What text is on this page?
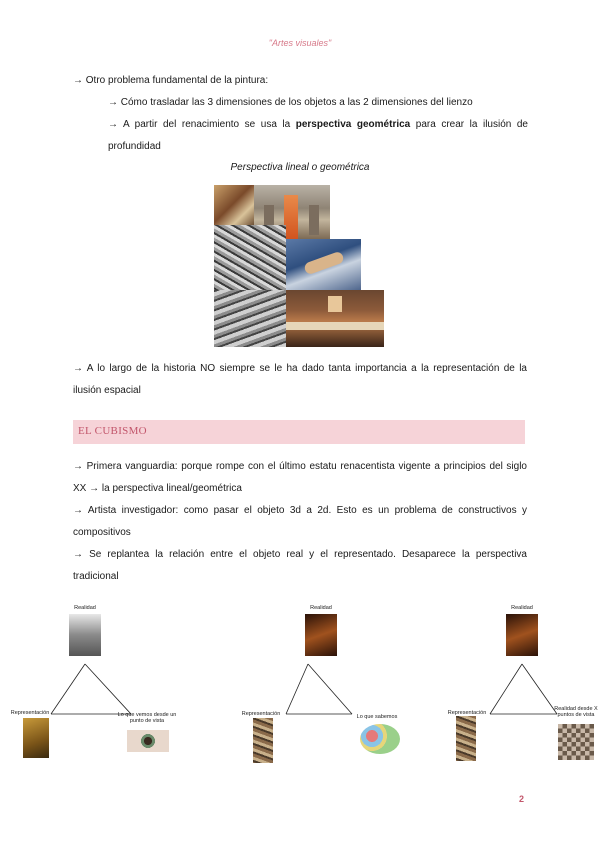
"Artes visuales"
→ Otro problema fundamental de la pintura:
→ Cómo trasladar las 3 dimensiones de los objetos a las 2 dimensiones del lienzo
→ A partir del renacimiento se usa la perspectiva geométrica para crear la ilusión de profundidad
Perspectiva lineal o geométrica
→ A lo largo de la historia NO siempre se le ha dado tanta importancia a la representación de la ilusión espacial
EL CUBISMO
→ Primera vanguardia: porque rompe con el último estatu renacentista vigente a principios del siglo XX → la perspectiva lineal/geométrica
→ Artista investigador: como pasar el objeto 3d a 2d. Esto es un problema de constructivos y compositivos
→ Se replantea la relación entre el objeto real y el representado. Desaparece la perspectiva tradicional
Realidad
Representación	Lo que vemos desde un punto de vista
Realidad
Representación	Lo que sabemos
Realidad
Representación
Realidad desde X puntos de vista
2
